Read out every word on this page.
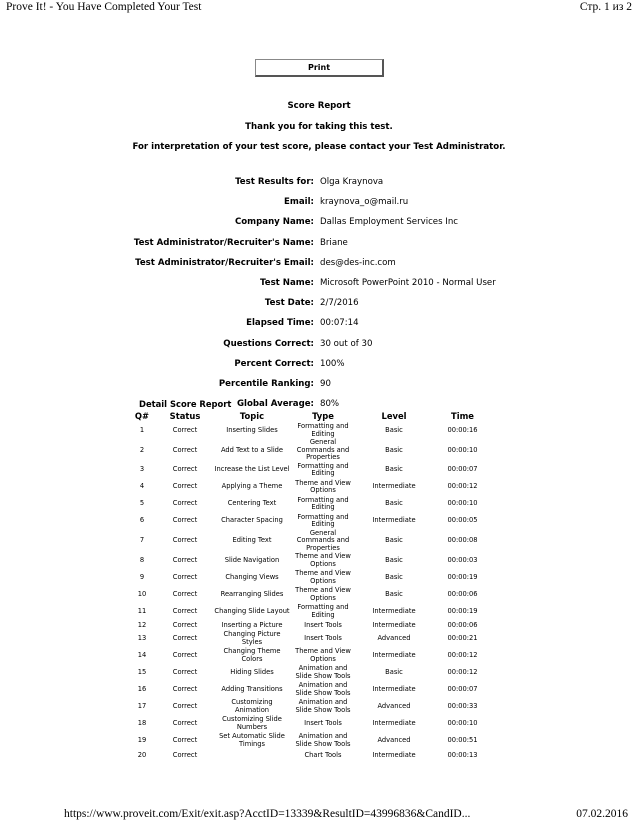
Prove It! - You Have Completed Your Test	Стр. 1 из 2
Print
Score Report
Thank you for taking this test.
For interpretation of your test score, please contact your Test Administrator.
Test Results for: Olga Kraynova
Email: kraynova_o@mail.ru
Company Name: Dallas Employment Services Inc
Test Administrator/Recruiter's Name: Briane
Test Administrator/Recruiter's Email: des@des-inc.com
Test Name: Microsoft PowerPoint 2010 - Normal User
Test Date: 2/7/2016
Elapsed Time: 00:07:14
Questions Correct: 30 out of 30
Percent Correct: 100%
Percentile Ranking: 90
Global Average: 80%
Detail Score Report
Q#	Status	Topic	Type	Level	Time
1	Correct	Inserting Slides	Formatting and Editing	Basic	00:00:16
2	Correct	Add Text to a Slide	General Commands and Properties	Basic	00:00:10
3	Correct	Increase the List Level	Formatting and Editing	Basic	00:00:07
4	Correct	Applying a Theme	Theme and View Options	Intermediate	00:00:12
5	Correct	Centering Text	Formatting and Editing	Basic	00:00:10
6	Correct	Character Spacing	Formatting and Editing	Intermediate	00:00:05
7	Correct	Editing Text	General Commands and Properties	Basic	00:00:08
8	Correct	Slide Navigation	Theme and View Options	Basic	00:00:03
9	Correct	Changing Views	Theme and View Options	Basic	00:00:19
10	Correct	Rearranging Slides	Theme and View Options	Basic	00:00:06
11	Correct	Changing Slide Layout	Formatting and Editing	Intermediate	00:00:19
12	Correct	Inserting a Picture	Insert Tools	Intermediate	00:00:06
13	Correct	Changing Picture Styles	Insert Tools	Advanced	00:00:21
14	Correct	Changing Theme Colors	Theme and View Options	Intermediate	00:00:12
15	Correct	Hiding Slides	Animation and Slide Show Tools	Basic	00:00:12
16	Correct	Adding Transitions	Animation and Slide Show Tools	Intermediate	00:00:07
17	Correct	Customizing Animation	Animation and Slide Show Tools	Advanced	00:00:33
18	Correct	Customizing Slide Numbers	Insert Tools	Intermediate	00:00:10
19	Correct	Set Automatic Slide Timings	Animation and Slide Show Tools	Advanced	00:00:51
20	Correct		Chart Tools	Intermediate	00:00:13
https://www.proveit.com/Exit/exit.asp?AcctID=13339&ResultID=43996836&CandID...	07.02.2016
